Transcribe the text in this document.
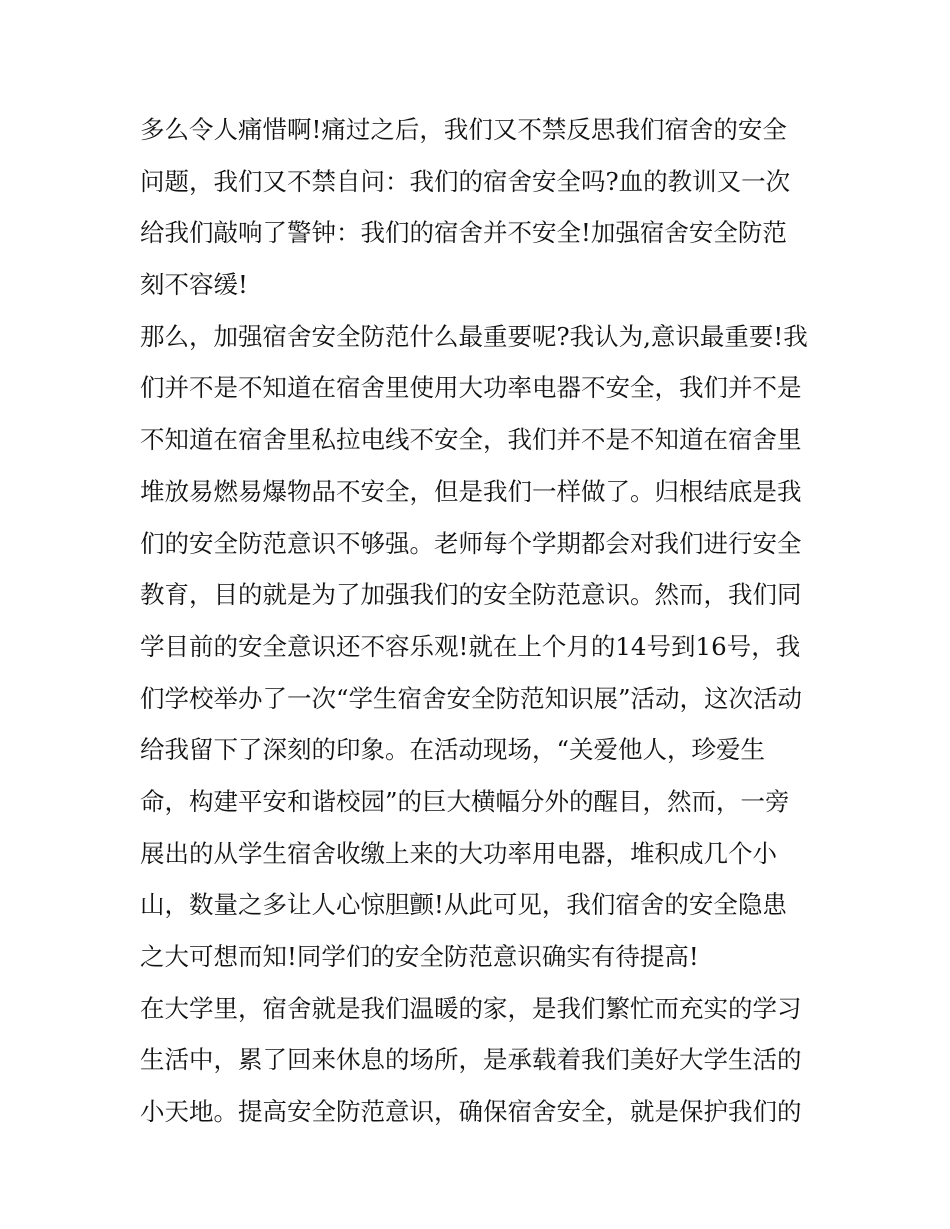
多么令人痛惜啊!痛过之后，我们又不禁反思我们宿舍的安全
问题，我们又不禁自问：我们的宿舍安全吗?血的教训又一次
给我们敲响了警钟：我们的宿舍并不安全!加强宿舍安全防范
刻不容缓!
那么，加强宿舍安全防范什么最重要呢?我认为,意识最重要!我
们并不是不知道在宿舍里使用大功率电器不安全，我们并不是
不知道在宿舍里私拉电线不安全，我们并不是不知道在宿舍里
堆放易燃易爆物品不安全，但是我们一样做了。归根结底是我
们的安全防范意识不够强。老师每个学期都会对我们进行安全
教育，目的就是为了加强我们的安全防范意识。然而，我们同
学目前的安全意识还不容乐观!就在上个月的14号到16号，我
们学校举办了一次“学生宿舍安全防范知识展”活动，这次活动
给我留下了深刻的印象。在活动现场，“关爱他人，珍爱生
命，构建平安和谐校园”的巨大横幅分外的醒目，然而，一旁
展出的从学生宿舍收缴上来的大功率用电器，堆积成几个小
山，数量之多让人心惊胆颤!从此可见，我们宿舍的安全隐患
之大可想而知!同学们的安全防范意识确实有待提高!
在大学里，宿舍就是我们温暖的家，是我们繁忙而充实的学习
生活中，累了回来休息的场所，是承载着我们美好大学生活的
小天地。提高安全防范意识，确保宿舍安全，就是保护我们的
